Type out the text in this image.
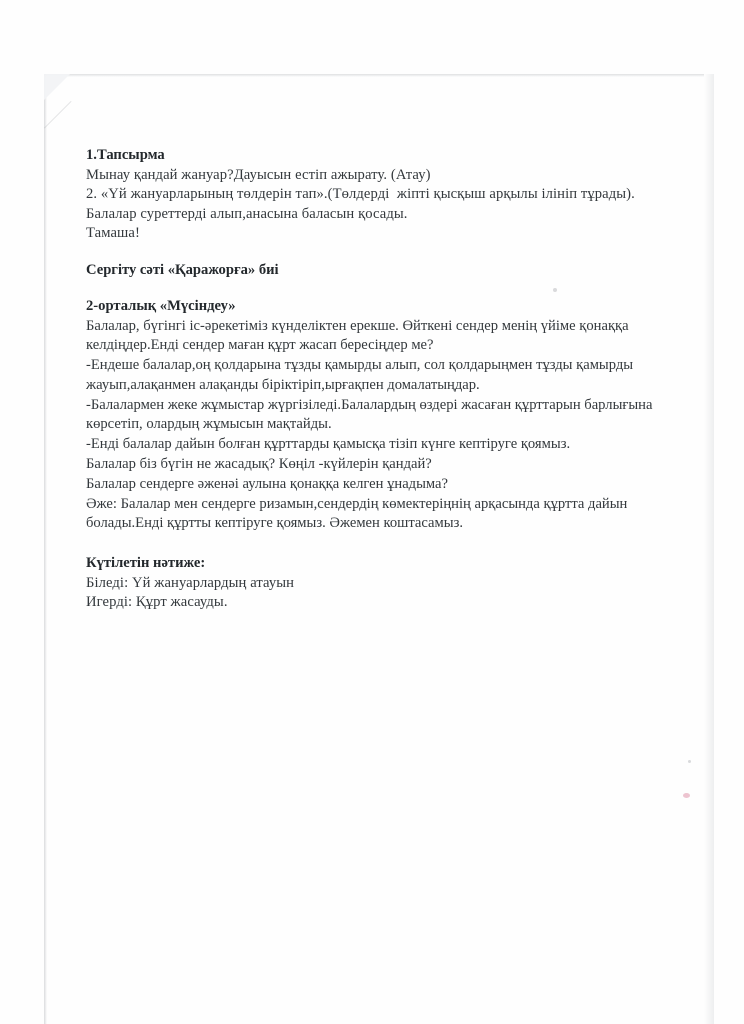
1.Тапсырма

Мынау қандай жануар?Дауысын естіп ажырату. (Атау)

2. «Үй жануарларының төлдерін тап».(Төлдерді  жіпті қысқыш арқылы ілініп тұрады).

Балалар суреттерді алып,анасына баласын қосады.

Тамаша!

Сергіту сәті «Қаражорға» биі
2-орталық «Мүсіндеу»

Балалар, бүгінгі іс-әрекетіміз күнделіктен ерекше. Өйткені сендер менің үйіме қонаққа келдіңдер.Енді сендер маған құрт жасап бересіңдер ме?

-Ендеше балалар,оң қолдарына тұзды қамырды алып, сол қолдарыңмен тұзды қамырды жауып,алақанмен алақанды біріктіріп,ырғақпен домалатыңдар.

-Балалармен жеке жұмыстар жүргізіледі.Балалардың өздері жасаған құрттарын барлығына көрсетіп, олардың жұмысын мақтайды.

-Енді балалар дайын болған құрттарды қамысқа тізіп күнге кептіруге қоямыз.

Балалар біз бүгін не жасадық? Көңіл -күйлерін қандай?

Балалар сендерге әженәі аулына қонаққа келген ұнадыма?

Әже: Балалар мен сендерге ризамын,сендердің көмектеріңнің арқасында құртта дайын болады.Енді құртты кептіруге қоямыз. Әжемен коштасамыз.

Күтілетін нәтиже:

Біледі: Үй жануарлардың атауын

Игерді: Құрт жасауды.
